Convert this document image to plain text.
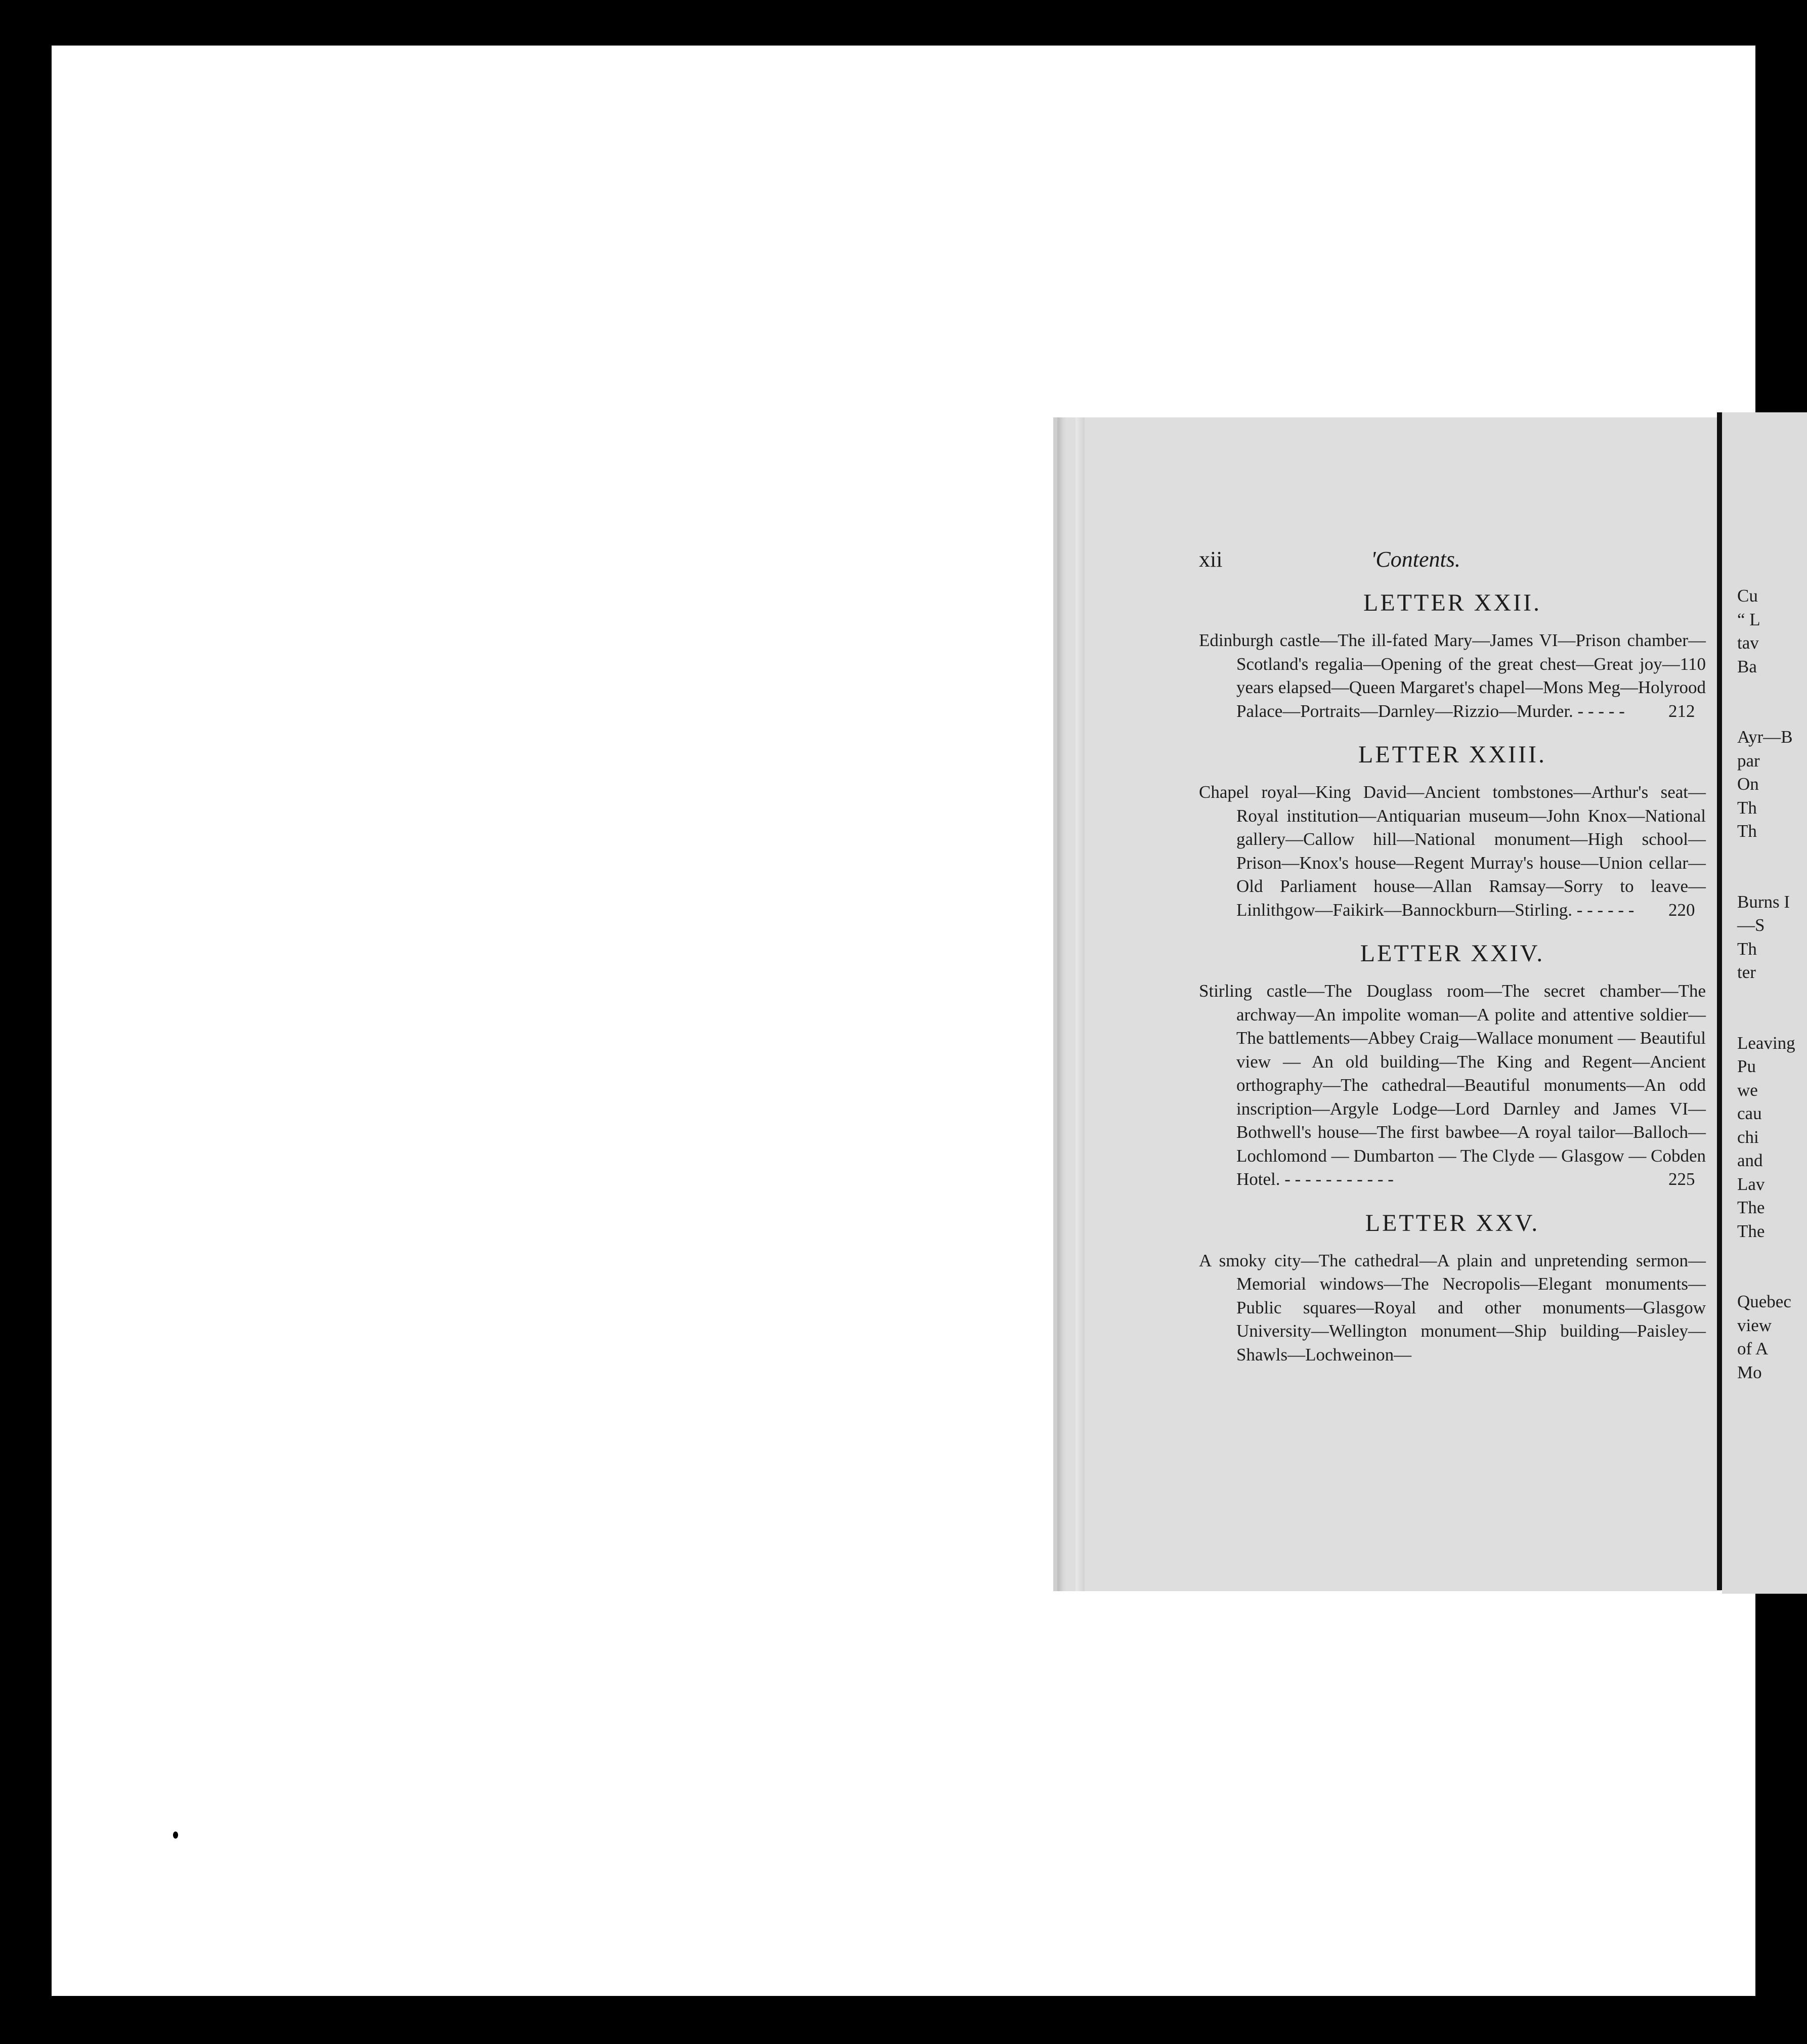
xii	'Contents.
LETTER XXII.
Edinburgh castle—The ill-fated Mary—James VI—Prison chamber—Scotland's regalia—Opening of the great chest—Great joy—110 years elapsed—Queen Margaret's chapel—Mons Meg—Holyrood Palace—Portraits—Darnley—Rizzio—Murder. - - - - - 212
LETTER XXIII.
Chapel royal—King David—Ancient tombstones—Arthur's seat—Royal institution—Antiquarian museum—John Knox—National gallery—Callow hill—National monument—High school—Prison—Knox's house—Regent Murray's house—Union cellar—Old Parliament house—Allan Ramsay—Sorry to leave—Linlithgow—Faikirk—Bannockburn—Stirling. - - - - - - 220
LETTER XXIV.
Stirling castle—The Douglass room—The secret chamber—The archway—An impolite woman—A polite and attentive soldier—The battlements—Abbey Craig—Wallace monument — Beautiful view — An old building—The King and Regent—Ancient orthography—The cathedral—Beautiful monuments—An odd inscription—Argyle Lodge—Lord Darnley and James VI—Bothwell's house—The first bawbee—A royal tailor—Balloch—Lochlomond — Dumbarton — The Clyde — Glasgow — Cobden Hotel. - - - - - - - - - - -	225
LETTER XXV.
A smoky city—The cathedral—A plain and unpretending sermon—Memorial windows—The Necropolis—Elegant monuments—Public squares—Royal and other monuments—Glasgow University—Wellington monument—Ship building—Paisley—Shawls—Lochweinon—
Cu
“ L
tav
Ba
Ayr—B
par
On
Th
Th
Burns I
—S
Th
ter
Leaving
Pu
we
cau
chi
and
Lav
The
The
Quebec
view
of A
Mo
